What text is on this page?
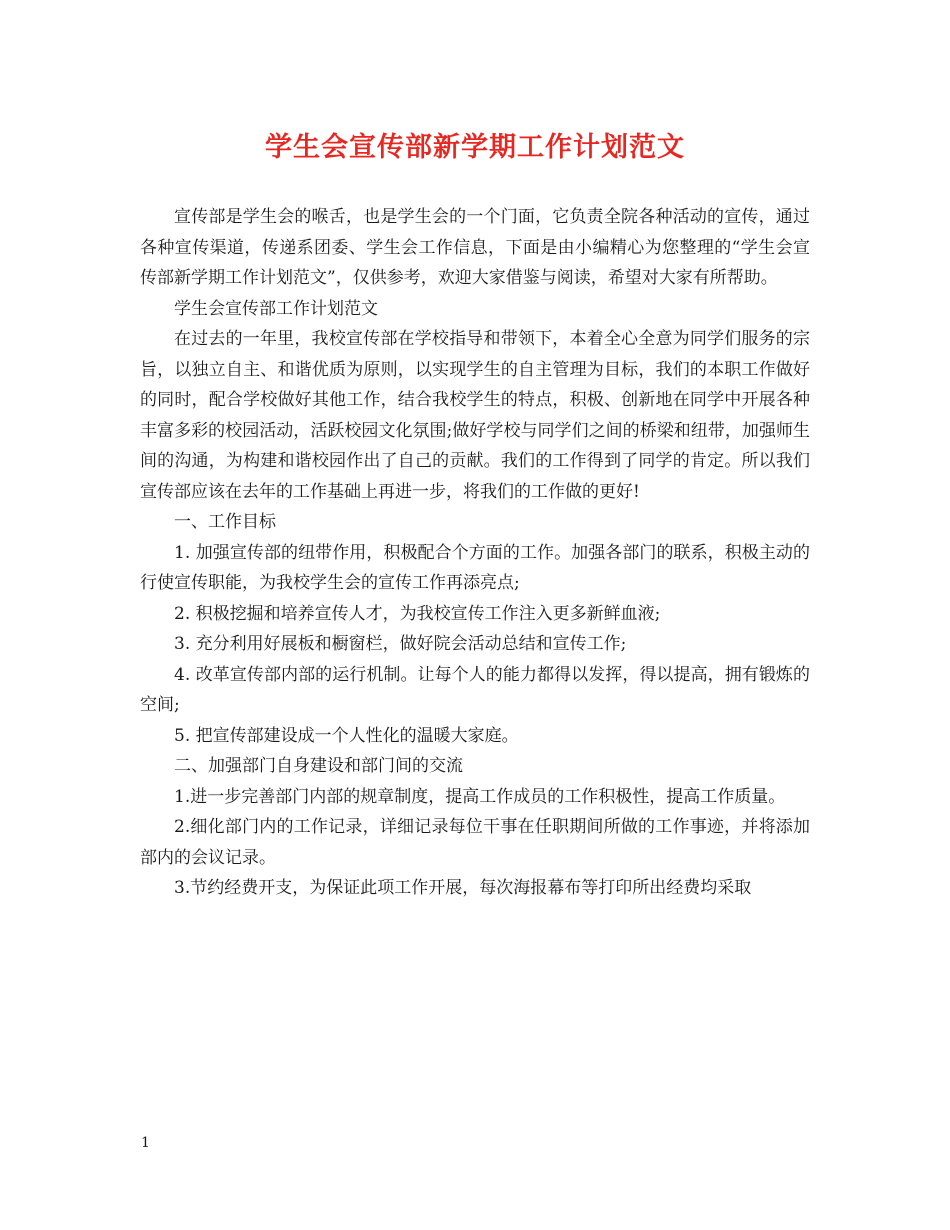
学生会宣传部新学期工作计划范文

宣传部是学生会的喉舌，也是学生会的一个门面，它负责全院各种活动的宣传，通过各种宣传渠道，传递系团委、学生会工作信息，下面是由小编精心为您整理的“学生会宣传部新学期工作计划范文”，仅供参考，欢迎大家借鉴与阅读，希望对大家有所帮助。

学生会宣传部工作计划范文

在过去的一年里，我校宣传部在学校指导和带领下，本着全心全意为同学们服务的宗旨，以独立自主、和谐优质为原则，以实现学生的自主管理为目标，我们的本职工作做好的同时，配合学校做好其他工作，结合我校学生的特点，积极、创新地在同学中开展各种丰富多彩的校园活动，活跃校园文化氛围;做好学校与同学们之间的桥梁和纽带，加强师生间的沟通，为构建和谐校园作出了自己的贡献。我们的工作得到了同学的肯定。所以我们宣传部应该在去年的工作基础上再进一步，将我们的工作做的更好!

一、工作目标

1. 加强宣传部的纽带作用，积极配合个方面的工作。加强各部门的联系，积极主动的行使宣传职能，为我校学生会的宣传工作再添亮点;

2. 积极挖掘和培养宣传人才，为我校宣传工作注入更多新鲜血液;

3. 充分利用好展板和橱窗栏，做好院会活动总结和宣传工作;

4. 改革宣传部内部的运行机制。让每个人的能力都得以发挥，得以提高，拥有锻炼的空间;

5. 把宣传部建设成一个人性化的温暖大家庭。

二、加强部门自身建设和部门间的交流

1.进一步完善部门内部的规章制度，提高工作成员的工作积极性，提高工作质量。

2.细化部门内的工作记录，详细记录每位干事在任职期间所做的工作事迹，并将添加部内的会议记录。

3.节约经费开支，为保证此项工作开展，每次海报幕布等打印所出经费均采取

1
